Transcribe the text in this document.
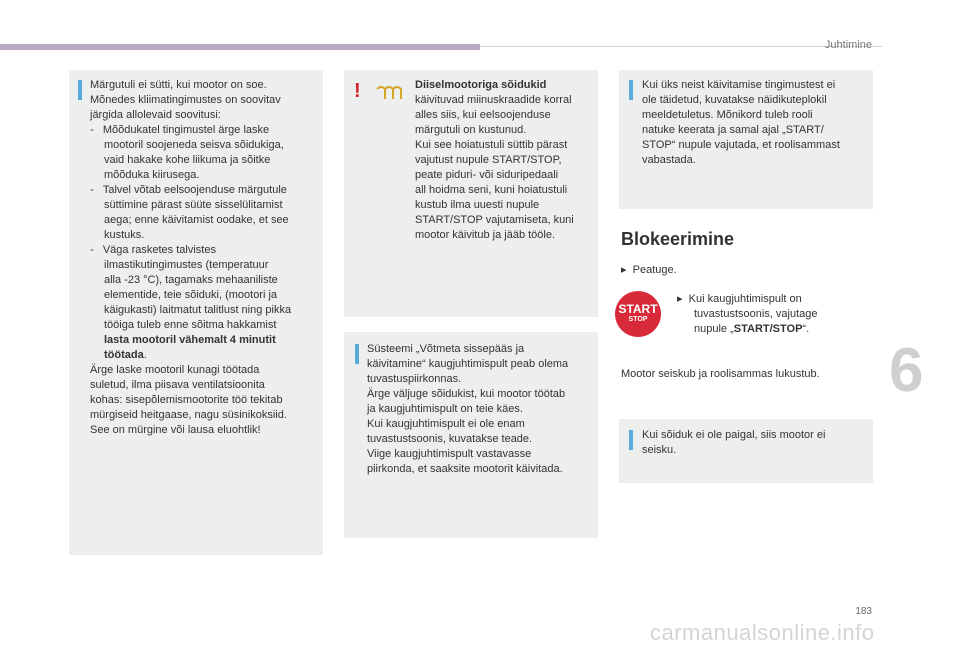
Juhtimine

Märgutuli ei sütti, kui mootor on soe.

Mõnedes kliimatingimustes on soovitav

järgida allolevaid soovitusi:

- Mõõdukatel tingimustel ärge laske

mootoril soojeneda seisva sõidukiga,

vaid hakake kohe liikuma ja sõitke

mõõduka kiirusega.

- Talvel võtab eelsoojenduse märgutule

süttimine pärast süüte sisselülitamist

aega; enne käivitamist oodake, et see

kustuks.

- Väga rasketes talvistes

ilmastikutingimustes (temperatuur

alla -23 °C), tagamaks mehaaniliste

elementide, teie sõiduki, (mootori ja

käigukasti) laitmatut talitlust ning pikka

tööiga tuleb enne sõitma hakkamist

lasta mootoril vähemalt 4 minutit

töötada.

Ärge laske mootoril kunagi töötada

suletud, ilma piisava ventilatsioonita

kohas: sisepõlemismootorite töö tekitab

mürgiseid heitgaase, nagu süsinikoksiid.

See on mürgine või lausa eluohtlik!

!	Diiselmootoriga sõidukid

käivituvad miinuskraadide korral

alles siis, kui eelsoojenduse

märgutuli on kustunud.

Kui see hoiatustuli süttib pärast

vajutust nupule START/STOP,

peate piduri- või siduripedaali

all hoidma seni, kuni hoiatustuli

kustub ilma uuesti nupule

START/STOP vajutamiseta, kuni

mootor käivitub ja jääb tööle.

Süsteemi „Võtmeta sissepääs ja

käivitamine“ kaugjuhtimispult peab olema

tuvastuspiirkonnas.

Ärge väljuge sõidukist, kui mootor töötab

ja kaugjuhtimispult on teie käes.

Kui kaugjuhtimispult ei ole enam

tuvastustsoonis, kuvatakse teade.

Viige kaugjuhtimispult vastavasse

piirkonda, et saaksite mootorit käivitada.

Kui üks neist käivitamise tingimustest ei

ole täidetud, kuvatakse näidikuteplokil

meeldetuletus. Mõnikord tuleb rooli

natuke keerata ja samal ajal „START/

STOP“ nupule vajutada, et roolisammast

vabastada.

Blokeerimine
▸ Peatuge.
START
STOP

▸ Kui kaugjuhtimispult on

tuvastustsoonis, vajutage

nupule „START/STOP“.

Mootor seiskub ja roolisammas lukustub.

Kui sõiduk ei ole paigal, siis mootor ei

seisku.

6
183
carmanualsonline.info
